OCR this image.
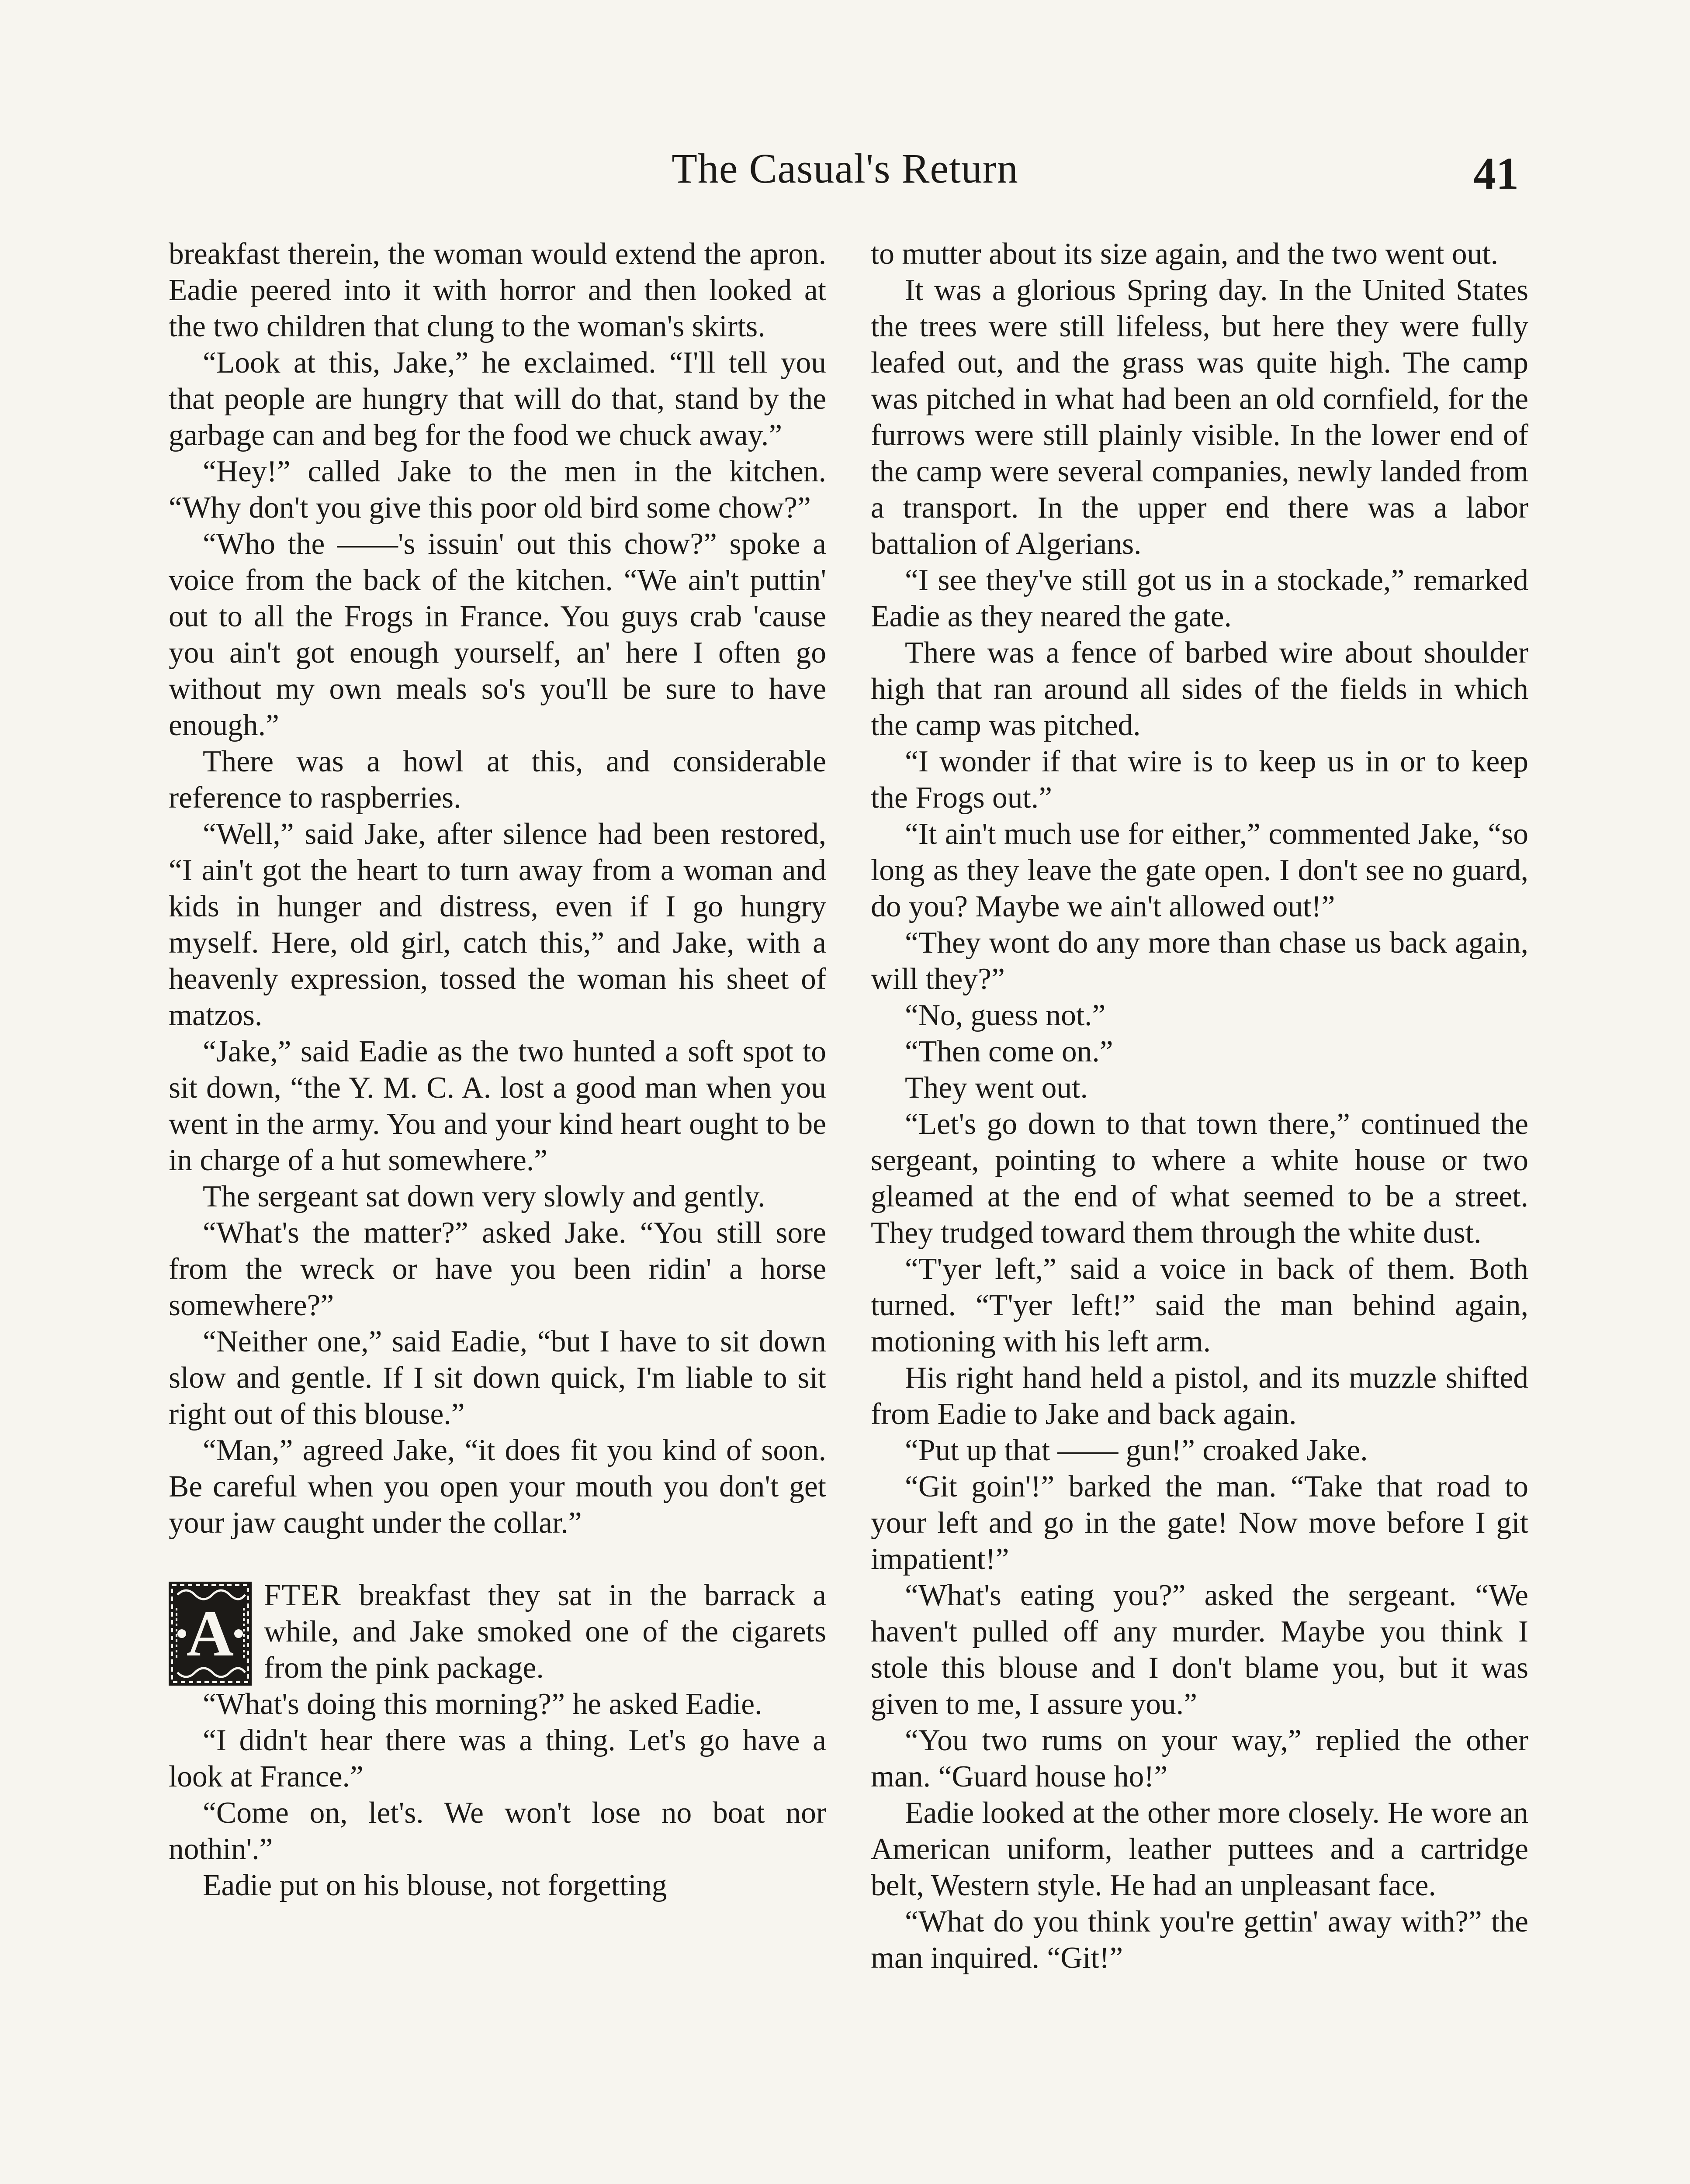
The Casual's Return	41

breakfast therein, the woman would extend the apron. Eadie peered into it with horror and then looked at the two children that clung to the woman's skirts.

“Look at this, Jake,” he exclaimed. “I'll tell you that people are hungry that will do that, stand by the garbage can and beg for the food we chuck away.”

“Hey!” called Jake to the men in the kitchen. “Why don't you give this poor old bird some chow?”

“Who the ——'s issuin' out this chow?” spoke a voice from the back of the kitchen. “We ain't puttin' out to all the Frogs in France. You guys crab 'cause you ain't got enough yourself, an' here I often go without my own meals so's you'll be sure to have enough.”

There was a howl at this, and considerable reference to raspberries.

“Well,” said Jake, after silence had been restored, “I ain't got the heart to turn away from a woman and kids in hunger and distress, even if I go hungry myself. Here, old girl, catch this,” and Jake, with a heavenly expression, tossed the woman his sheet of matzos.

“Jake,” said Eadie as the two hunted a soft spot to sit down, “the Y. M. C. A. lost a good man when you went in the army. You and your kind heart ought to be in charge of a hut somewhere.”

The sergeant sat down very slowly and gently.

“What's the matter?” asked Jake. “You still sore from the wreck or have you been ridin' a horse somewhere?”

“Neither one,” said Eadie, “but I have to sit down slow and gentle. If I sit down quick, I'm liable to sit right out of this blouse.”

“Man,” agreed Jake, “it does fit you kind of soon. Be careful when you open your mouth you don't get your jaw caught under the collar.”

A
FTER breakfast they sat in the barrack a while, and Jake smoked one of the cigarets from the pink package.

“What's doing this morning?” he asked Eadie.

“I didn't hear there was a thing. Let's go have a look at France.”

“Come on, let's. We won't lose no boat nor nothin'.”

Eadie put on his blouse, not forgetting

to mutter about its size again, and the two went out.

It was a glorious Spring day. In the United States the trees were still lifeless, but here they were fully leafed out, and the grass was quite high. The camp was pitched in what had been an old cornfield, for the furrows were still plainly visible. In the lower end of the camp were several companies, newly landed from a transport. In the upper end there was a labor battalion of Algerians.

“I see they've still got us in a stockade,” remarked Eadie as they neared the gate.

There was a fence of barbed wire about shoulder high that ran around all sides of the fields in which the camp was pitched.

“I wonder if that wire is to keep us in or to keep the Frogs out.”

“It ain't much use for either,” commented Jake, “so long as they leave the gate open. I don't see no guard, do you? Maybe we ain't allowed out!”

“They wont do any more than chase us back again, will they?”

“No, guess not.”

“Then come on.”

They went out.

“Let's go down to that town there,” continued the sergeant, pointing to where a white house or two gleamed at the end of what seemed to be a street. They trudged toward them through the white dust.

“T'yer left,” said a voice in back of them. Both turned. “T'yer left!” said the man behind again, motioning with his left arm.

His right hand held a pistol, and its muzzle shifted from Eadie to Jake and back again.

“Put up that —— gun!” croaked Jake.

“Git goin'!” barked the man. “Take that road to your left and go in the gate! Now move before I git impatient!”

“What's eating you?” asked the sergeant. “We haven't pulled off any murder. Maybe you think I stole this blouse and I don't blame you, but it was given to me, I assure you.”

“You two rums on your way,” replied the other man. “Guard house ho!”

Eadie looked at the other more closely. He wore an American uniform, leather puttees and a cartridge belt, Western style. He had an unpleasant face.

“What do you think you're gettin' away with?” the man inquired. “Git!”
